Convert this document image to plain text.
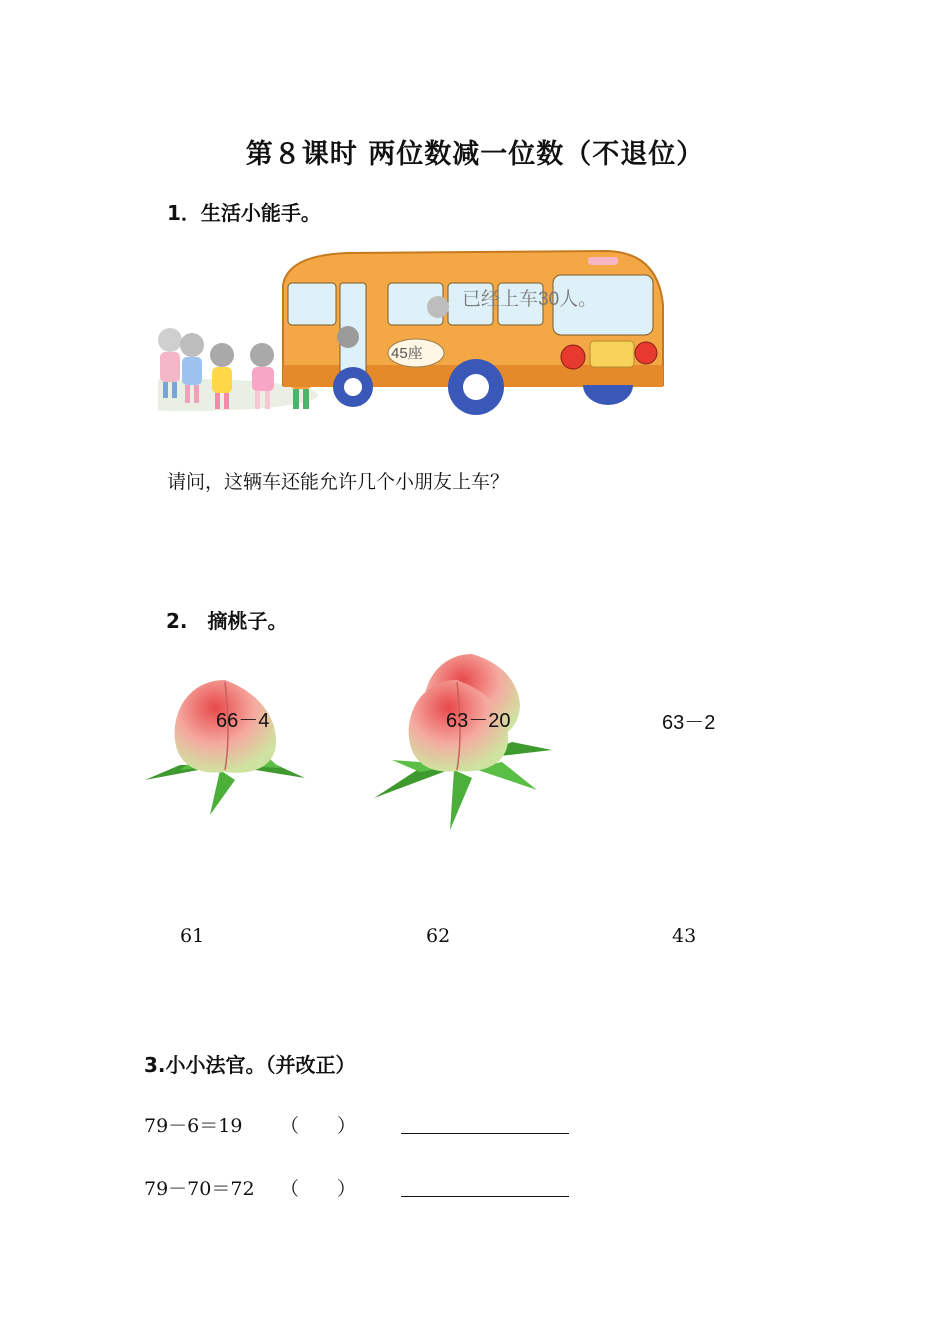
第８课时 两位数减一位数（不退位）
1．生活小能手。
45座
已经上车30人。
请问，这辆车还能允许几个小朋友上车？
2.　摘桃子。
66－4	63－20	63－2
61	62	43
3.小小法官。（并改正）
79－6＝19 （　　）
79－70＝72 （　　）
